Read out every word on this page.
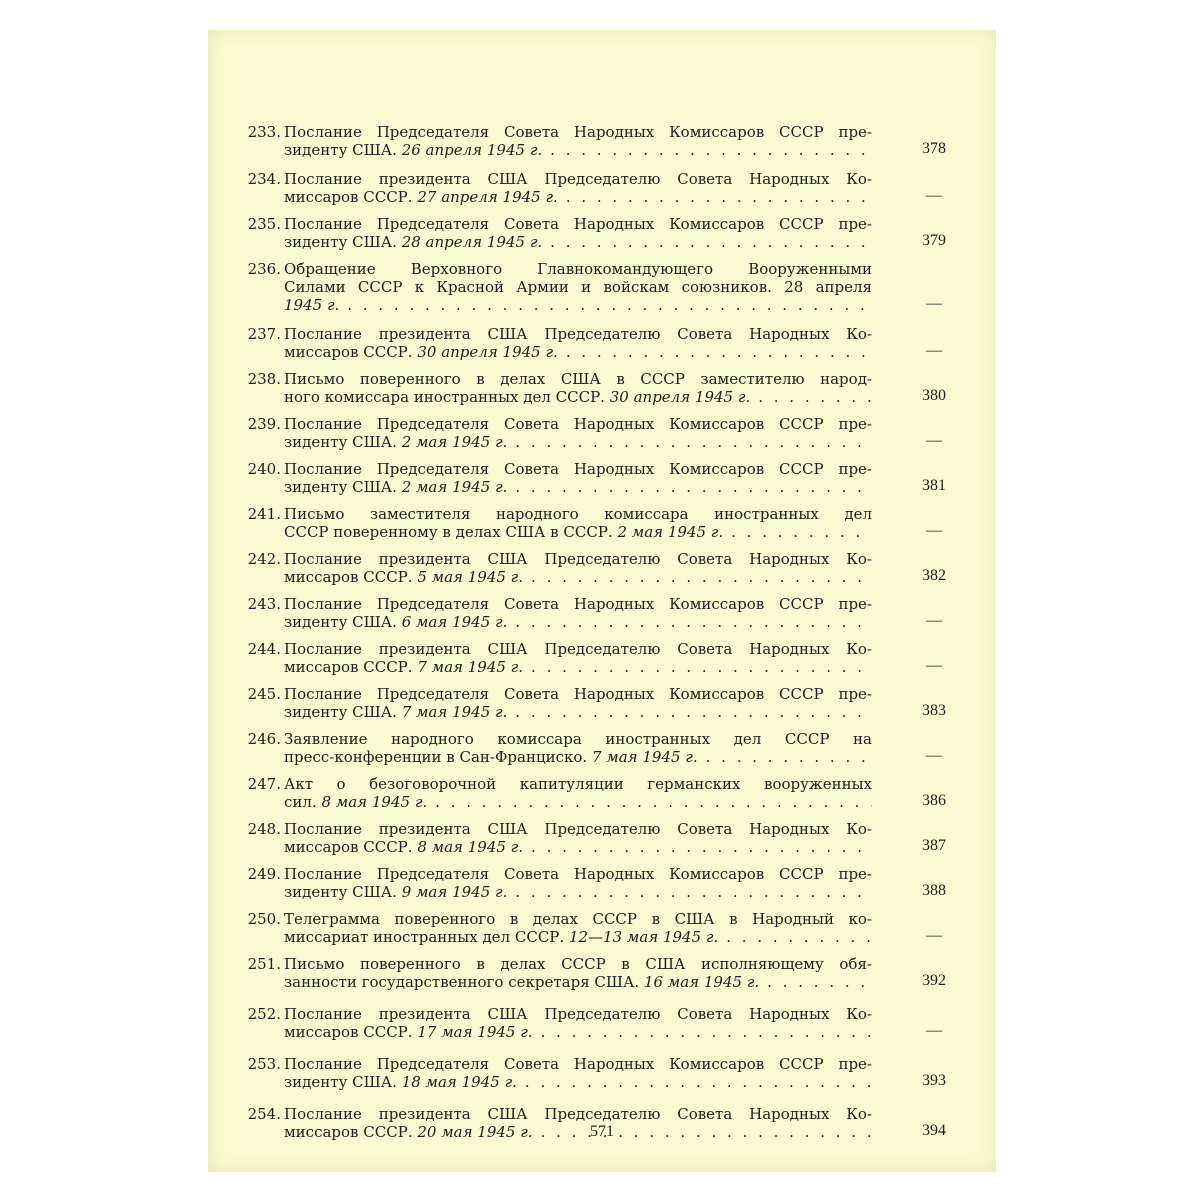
233. Послание Председателя Совета Народных Комиссаров СССР пре-
зиденту США. 26 апреля 1945 г. . . .	378
234. Послание президента США Председателю Совета Народных Ко-
миссаров СССР. 27 апреля 1945 г. . . .	—
235. Послание Председателя Совета Народных Комиссаров СССР пре-
зиденту США. 28 апреля 1945 г. . . .	379
236. Обращение Верховного Главнокомандующего Вооруженными
Силами СССР к Красной Армии и войскам союзников. 28 апреля
1945 г. . . .	—
237. Послание президента США Председателю Совета Народных Ко-
миссаров СССР. 30 апреля 1945 г. . . .	—
238. Письмо поверенного в делах США в СССР заместителю народ-
ного комиссара иностранных дел СССР. 30 апреля 1945 г. . . .	380
239. Послание Председателя Совета Народных Комиссаров СССР пре-
зиденту США. 2 мая 1945 г. . . .	—
240. Послание Председателя Совета Народных Комиссаров СССР пре-
зиденту США. 2 мая 1945 г. . . .	381
241. Письмо заместителя народного комиссара иностранных дел
СССР поверенному в делах США в СССР. 2 мая 1945 г. . . .	—
242. Послание президента США Председателю Совета Народных Ко-
миссаров СССР. 5 мая 1945 г. . . .	382
243. Послание Председателя Совета Народных Комиссаров СССР пре-
зиденту США. 6 мая 1945 г. . . .	—
244. Послание президента США Председателю Совета Народных Ко-
миссаров СССР. 7 мая 1945 г. . . .	—
245. Послание Председателя Совета Народных Комиссаров СССР пре-
зиденту США. 7 мая 1945 г. . . .	383
246. Заявление народного комиссара иностранных дел СССР на
пресс-конференции в Сан-Франциско. 7 мая 1945 г. . . .	—
247. Акт о безоговорочной капитуляции германских вооруженных
сил. 8 мая 1945 г. . . .	386
248. Послание президента США Председателю Совета Народных Ко-
миссаров СССР. 8 мая 1945 г. . . .	387
249. Послание Председателя Совета Народных Комиссаров СССР пре-
зиденту США. 9 мая 1945 г. . . .	388
250. Телеграмма поверенного в делах СССР в США в Народный ко-
миссариат иностранных дел СССР. 12—13 мая 1945 г. . . .	—
251. Письмо поверенного в делах СССР в США исполняющему обя-
занности государственного секретаря США. 16 мая 1945 г. . . .	392
252. Послание президента США Председателю Совета Народных Ко-
миссаров СССР. 17 мая 1945 г. . . .	—
253. Послание Председателя Совета Народных Комиссаров СССР пре-
зиденту США. 18 мая 1945 г. . . .	393
254. Послание президента США Председателю Совета Народных Ко-
миссаров СССР. 20 мая 1945 г. . . .	394
571
